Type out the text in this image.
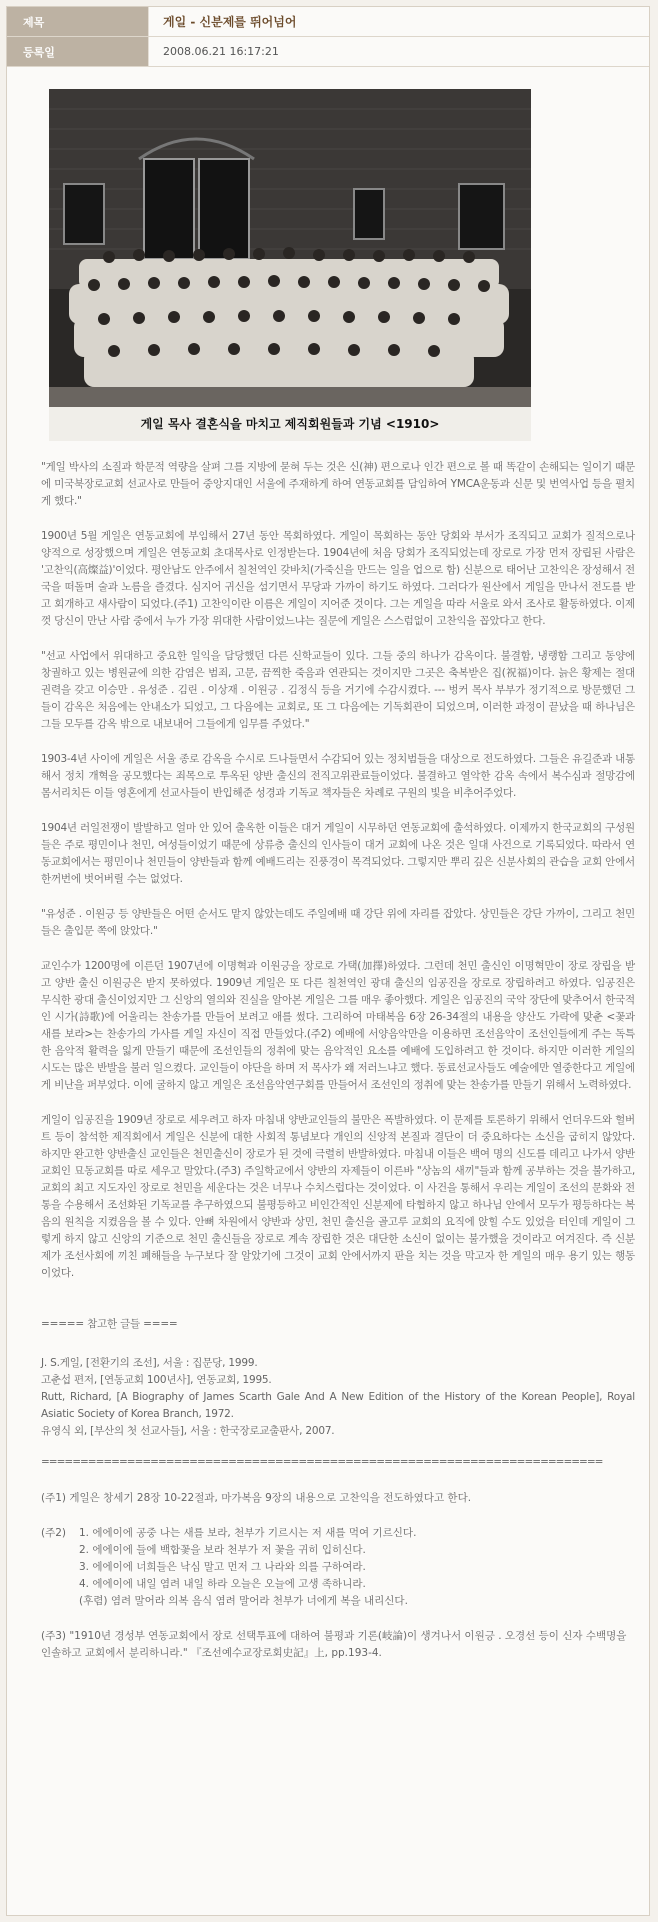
제목	게일 - 신분제를 뛰어넘어
등록일	2008.06.21 16:17:21
게일 목사 결혼식을 마치고 제직회원들과 기념 <1910>

"게일 박사의 소질과 학문적 역량을 살펴 그를 지방에 묻혀 두는 것은 신(神) 편으로나 인간 편으로 볼 때 똑같이 손해되는 일이기 때문에 미국북장로교회 선교사로 만들어 중앙지대인 서울에 주재하게 하여 연동교회를 담임하여 YMCA운동과 신문 및 번역사업 등을 펼치게 했다."

1900년 5월 게일은 연동교회에 부임해서 27년 동안 목회하였다. 게일이 목회하는 동안 당회와 부서가 조직되고 교회가 질적으로나 양적으로 성장했으며 게일은 연동교회 초대목사로 인정받는다. 1904년에 처음 당회가 조직되었는데 장로로 가장 먼저 장립된 사람은 '고찬익(高燦益)'이었다. 평안남도 안주에서 칠천역인 갖바치(가죽신을 만드는 일을 업으로 함) 신분으로 태어난 고찬익은 장성해서 전국을 떠돌며 술과 노름을 즐겼다. 심지어 귀신을 섬기면서 무당과 가까이 하기도 하였다. 그러다가 원산에서 게일을 만나서 전도를 받고 회개하고 새사람이 되었다.(주1) 고찬익이란 이름은 게일이 지어준 것이다. 그는 게일을 따라 서울로 와서 조사로 활동하였다. 이제껏 당신이 만난 사람 중에서 누가 가장 위대한 사람이었느냐는 질문에 게일은 스스럼없이 고찬익을 꼽았다고 한다.

"선교 사업에서 위대하고 중요한 일익을 담당했던 다른 신학교들이 있다. 그들 중의 하나가 감옥이다. 불결함, 냉랭함 그리고 동양에 창궐하고 있는 병원균에 의한 감염은 범죄, 고문, 끔찍한 죽음과 연관되는 것이지만 그곳은 축복받은 집(祝福)이다. 늙은 황제는 절대 권력을 갖고 이승만 . 유성준 . 김린 . 이상재 . 이원긍 . 김정식 등을 거기에 수감시켰다. --- 벙커 목사 부부가 정기적으로 방문했던 그들이 감옥은 처음에는 안내소가 되었고, 그 다음에는 교회로, 또 그 다음에는 기독회관이 되었으며, 이러한 과정이 끝났을 때 하나님은 그들 모두를 감옥 밖으로 내보내어 그들에게 임무를 주었다."

1903-4년 사이에 게일은 서울 종로 감옥을 수시로 드나들면서 수감되어 있는 정치범들을 대상으로 전도하였다. 그들은 유길준과 내통해서 정치 개혁을 공모했다는 죄목으로 투옥된 양반 출신의 전직고위관료들이었다. 불결하고 열악한 감옥 속에서 복수심과 절망감에 몸서리치든 이들 영혼에게 선교사들이 반입해준 성경과 기독교 책자들은 차례로 구원의 빛을 비추어주었다.

1904년 러일전쟁이 발발하고 얼마 안 있어 출옥한 이들은 대거 게일이 시무하던 연동교회에 출석하였다. 이제까지 한국교회의 구성원들은 주로 평민이나 천민, 여성들이었기 때문에 상류층 출신의 인사들이 대거 교회에 나온 것은 일대 사건으로 기록되었다. 따라서 연동교회에서는 평민이나 천민들이 양반들과 함께 예배드리는 진풍경이 목격되었다. 그렇지만 뿌리 깊은 신분사회의 관습을 교회 안에서 한꺼번에 벗어버릴 수는 없었다.

"유성준 . 이원긍 등 양반들은 어떤 순서도 맡지 않았는데도 주일예배 때 강단 위에 자리를 잡았다. 상민들은 강단 가까이, 그리고 천민들은 출입문 쪽에 앉았다."

교인수가 1200명에 이른던 1907년에 이명혁과 이원긍을 장로로 가택(加擇)하였다. 그런데 천민 출신인 이명혁만이 장로 장립을 받고 양반 출신 이원긍은 받지 못하였다. 1909년 게일은 또 다른 칠천역인 광대 출신의 임공진을 장로로 장립하려고 하였다. 임공진은 무식한 광대 출신이었지만 그 신앙의 열의와 진실을 알아본 게일은 그를 매우 좋아했다. 게일은 임공진의 국악 장단에 맞추어서 한국적인 시가(詩歌)에 어울리는 찬송가를 만들어 보려고 애를 썼다. 그리하여 마태복음 6장 26-34절의 내용을 양산도 가락에 맞춘 <꽃과 새를 보라>는 찬송가의 가사를 게일 자신이 직접 만들었다.(주2) 예배에 서양음악만을 이용하면 조선음악이 조선인들에게 주는 독특한 음악적 활력을 잃게 만들기 때문에 조선인들의 정취에 맞는 음악적인 요소를 예배에 도입하려고 한 것이다. 하지만 이러한 게일의 시도는 많은 반발을 불러 일으켰다. 교인들이 야단을 하며 저 목사가 왜 저러느냐고 했다. 동료선교사들도 예술에만 열중한다고 게일에게 비난을 퍼부었다. 이에 굴하지 않고 게일은 조선음악연구회를 만들어서 조선인의 정취에 맞는 찬송가를 만들기 위해서 노력하였다.

게일이 임공진을 1909년 장로로 세우려고 하자 마침내 양반교인들의 불만은 폭발하였다. 이 문제를 토론하기 위해서 언더우드와 헐버트 등이 참석한 제직회에서 게일은 신분에 대한 사회적 통념보다 개인의 신앙적 본질과 결단이 더 중요하다는 소신을 굽히지 않았다. 하지만 완고한 양반출신 교인들은 천민출신이 장로가 된 것에 극렬히 반발하였다. 마침내 이들은 백여 명의 신도를 데리고 나가서 양반교회인 묘동교회를 따로 세우고 말았다.(주3) 주일학교에서 양반의 자제들이 이른바 "상놈의 새끼"들과 함께 공부하는 것을 불가하고, 교회의 최고 지도자인 장로로 천민을 세운다는 것은 너무나 수치스럽다는 것이었다. 이 사건을 통해서 우리는 게일이 조선의 문화와 전통을 수용해서 조선화된 기독교를 추구하였으되 불평등하고 비인간적인 신분제에 타협하지 않고 하나님 안에서 모두가 평등하다는 복음의 원칙을 지켰음을 볼 수 있다. 안뼈 차원에서 양반과 상민, 천민 출신을 골고루 교회의 요직에 앉힐 수도 있었을 터인데 게일이 그렇게 하지 않고 신앙의 기준으로 천민 출신들을 장로로 계속 장립한 것은 대단한 소신이 없이는 불가했을 것이라고 여겨진다. 즉 신분제가 조선사회에 끼친 폐해들을 누구보다 잘 알았기에 그것이 교회 안에서까지 판을 치는 것을 막고자 한 게일의 매우 용기 있는 행동이었다.

===== 참고한 글들 ====

J. S.게일, [전환기의 조선], 서울 : 집문당, 1999.

고춘섭 편저, [연동교회 100년사], 연동교회, 1995.

Rutt, Richard, [A Biography of James Scarth Gale And A New Edition of the History of the Korean People], Royal Asiatic Society of Korea Branch, 1972.

유영식 외, [부산의 첫 선교사들], 서울 : 한국장로교출판사, 2007.

========================================================================
(주1) 게일은 창세기 28장 10-22절과, 마가복음 9장의 내용으로 고찬익을 전도하였다고 한다.
(주2)	1. 에에이에 공중 나는 새를 보라, 천부가 기르시는 저 새를 먹여 기르신다.
2. 에에이에 들에 백합꽃을 보라 천부가 저 꽃을 귀히 입히신다.
3. 에에이에 너희들은 낙심 말고 먼저 그 나라와 의를 구하여라.
4. 에에이에 내일 염려 내일 하라 오늘은 오늘에 고생 족하니라.
(후렴) 염려 말어라 의복 음식 염려 말어라 천부가 너에게 복을 내리신다.
(주3) "1910년 경성부 연동교회에서 장로 선택투표에 대하여 불평과 기론(岐論)이 생겨나서 이원긍 . 오경선 등이 신자 수백명을 인솔하고 교회에서 분리하니라." 『조선예수교장로회史記』上, pp.193-4.
